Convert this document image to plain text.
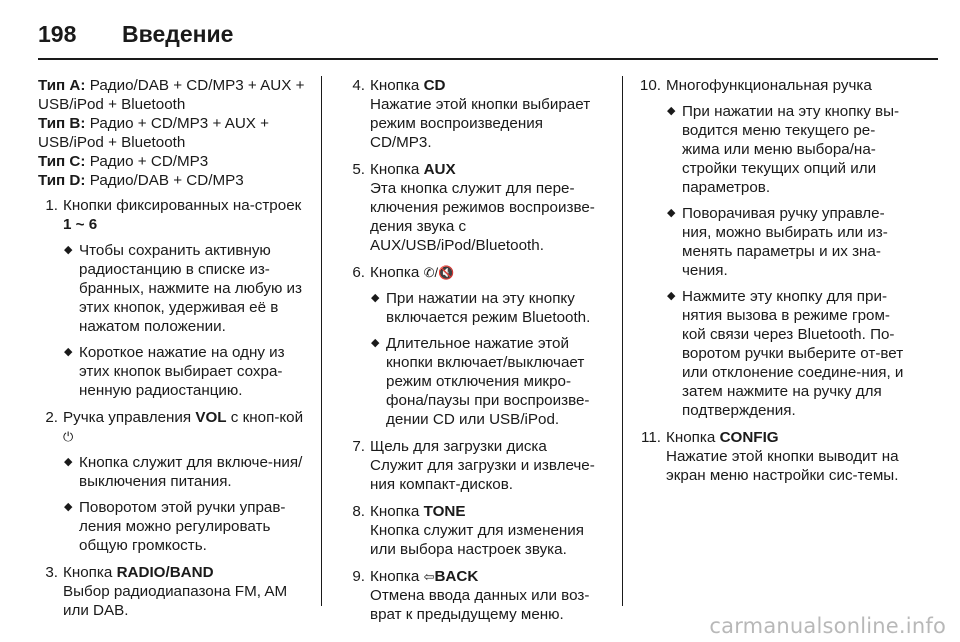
198	Введение

Тип A: Радио/DAB + CD/MP3 + AUX + USB/iPod + Bluetooth

Тип B: Радио + CD/MP3 + AUX + USB/iPod + Bluetooth

Тип C: Радио + CD/MP3

Тип D: Радио/DAB + CD/MP3

1. Кнопки фиксированных на-строек 1 ~ 6
◆ Чтобы сохранить активную радиостанцию в списке из-бранных, нажмите на любую из этих кнопок, удерживая её в нажатом положении.
◆ Короткое нажатие на одну из этих кнопок выбирает сохра-ненную радиостанцию.
2. Ручка управления VOL с кноп-кой ⏻
◆ Кнопка служит для включе-ния/выключения питания.
◆ Поворотом этой ручки управ-ления можно регулировать общую громкость.
3. Кнопка RADIO/BAND
Выбор радиодиапазона FM, AM или DAB.
4. Кнопка CD
Нажатие этой кнопки выбирает режим воспроизведения CD/MP3.
5. Кнопка AUX
Эта кнопка служит для пере-ключения режимов воспроизве-дения звука с AUX/USB/iPod/Bluetooth.
6. Кнопка ✆/🔇
◆ При нажатии на эту кнопку включается режим Bluetooth.
◆ Длительное нажатие этой кнопки включает/выключает режим отключения микро-фона/паузы при воспроизве-дении CD или USB/iPod.
7. Щель для загрузки диска
Служит для загрузки и извлече-ния компакт-дисков.
8. Кнопка TONE
Кнопка служит для изменения или выбора настроек звука.
9. Кнопка ⇦BACK
Отмена ввода данных или воз-врат к предыдущему меню.
10. Многофункциональная ручка
◆ При нажатии на эту кнопку вы-водится меню текущего ре-жима или меню выбора/на-стройки текущих опций или параметров.
◆ Поворачивая ручку управле-ния, можно выбирать или из-менять параметры и их зна-чения.
◆ Нажмите эту кнопку для при-нятия вызова в режиме гром-кой связи через Bluetooth. По-воротом ручки выберите от-вет или отклонение соедине-ния, и затем нажмите на ручку для подтверждения.
11. Кнопка CONFIG
Нажатие этой кнопки выводит на экран меню настройки сис-темы.
carmanualsonline.info
